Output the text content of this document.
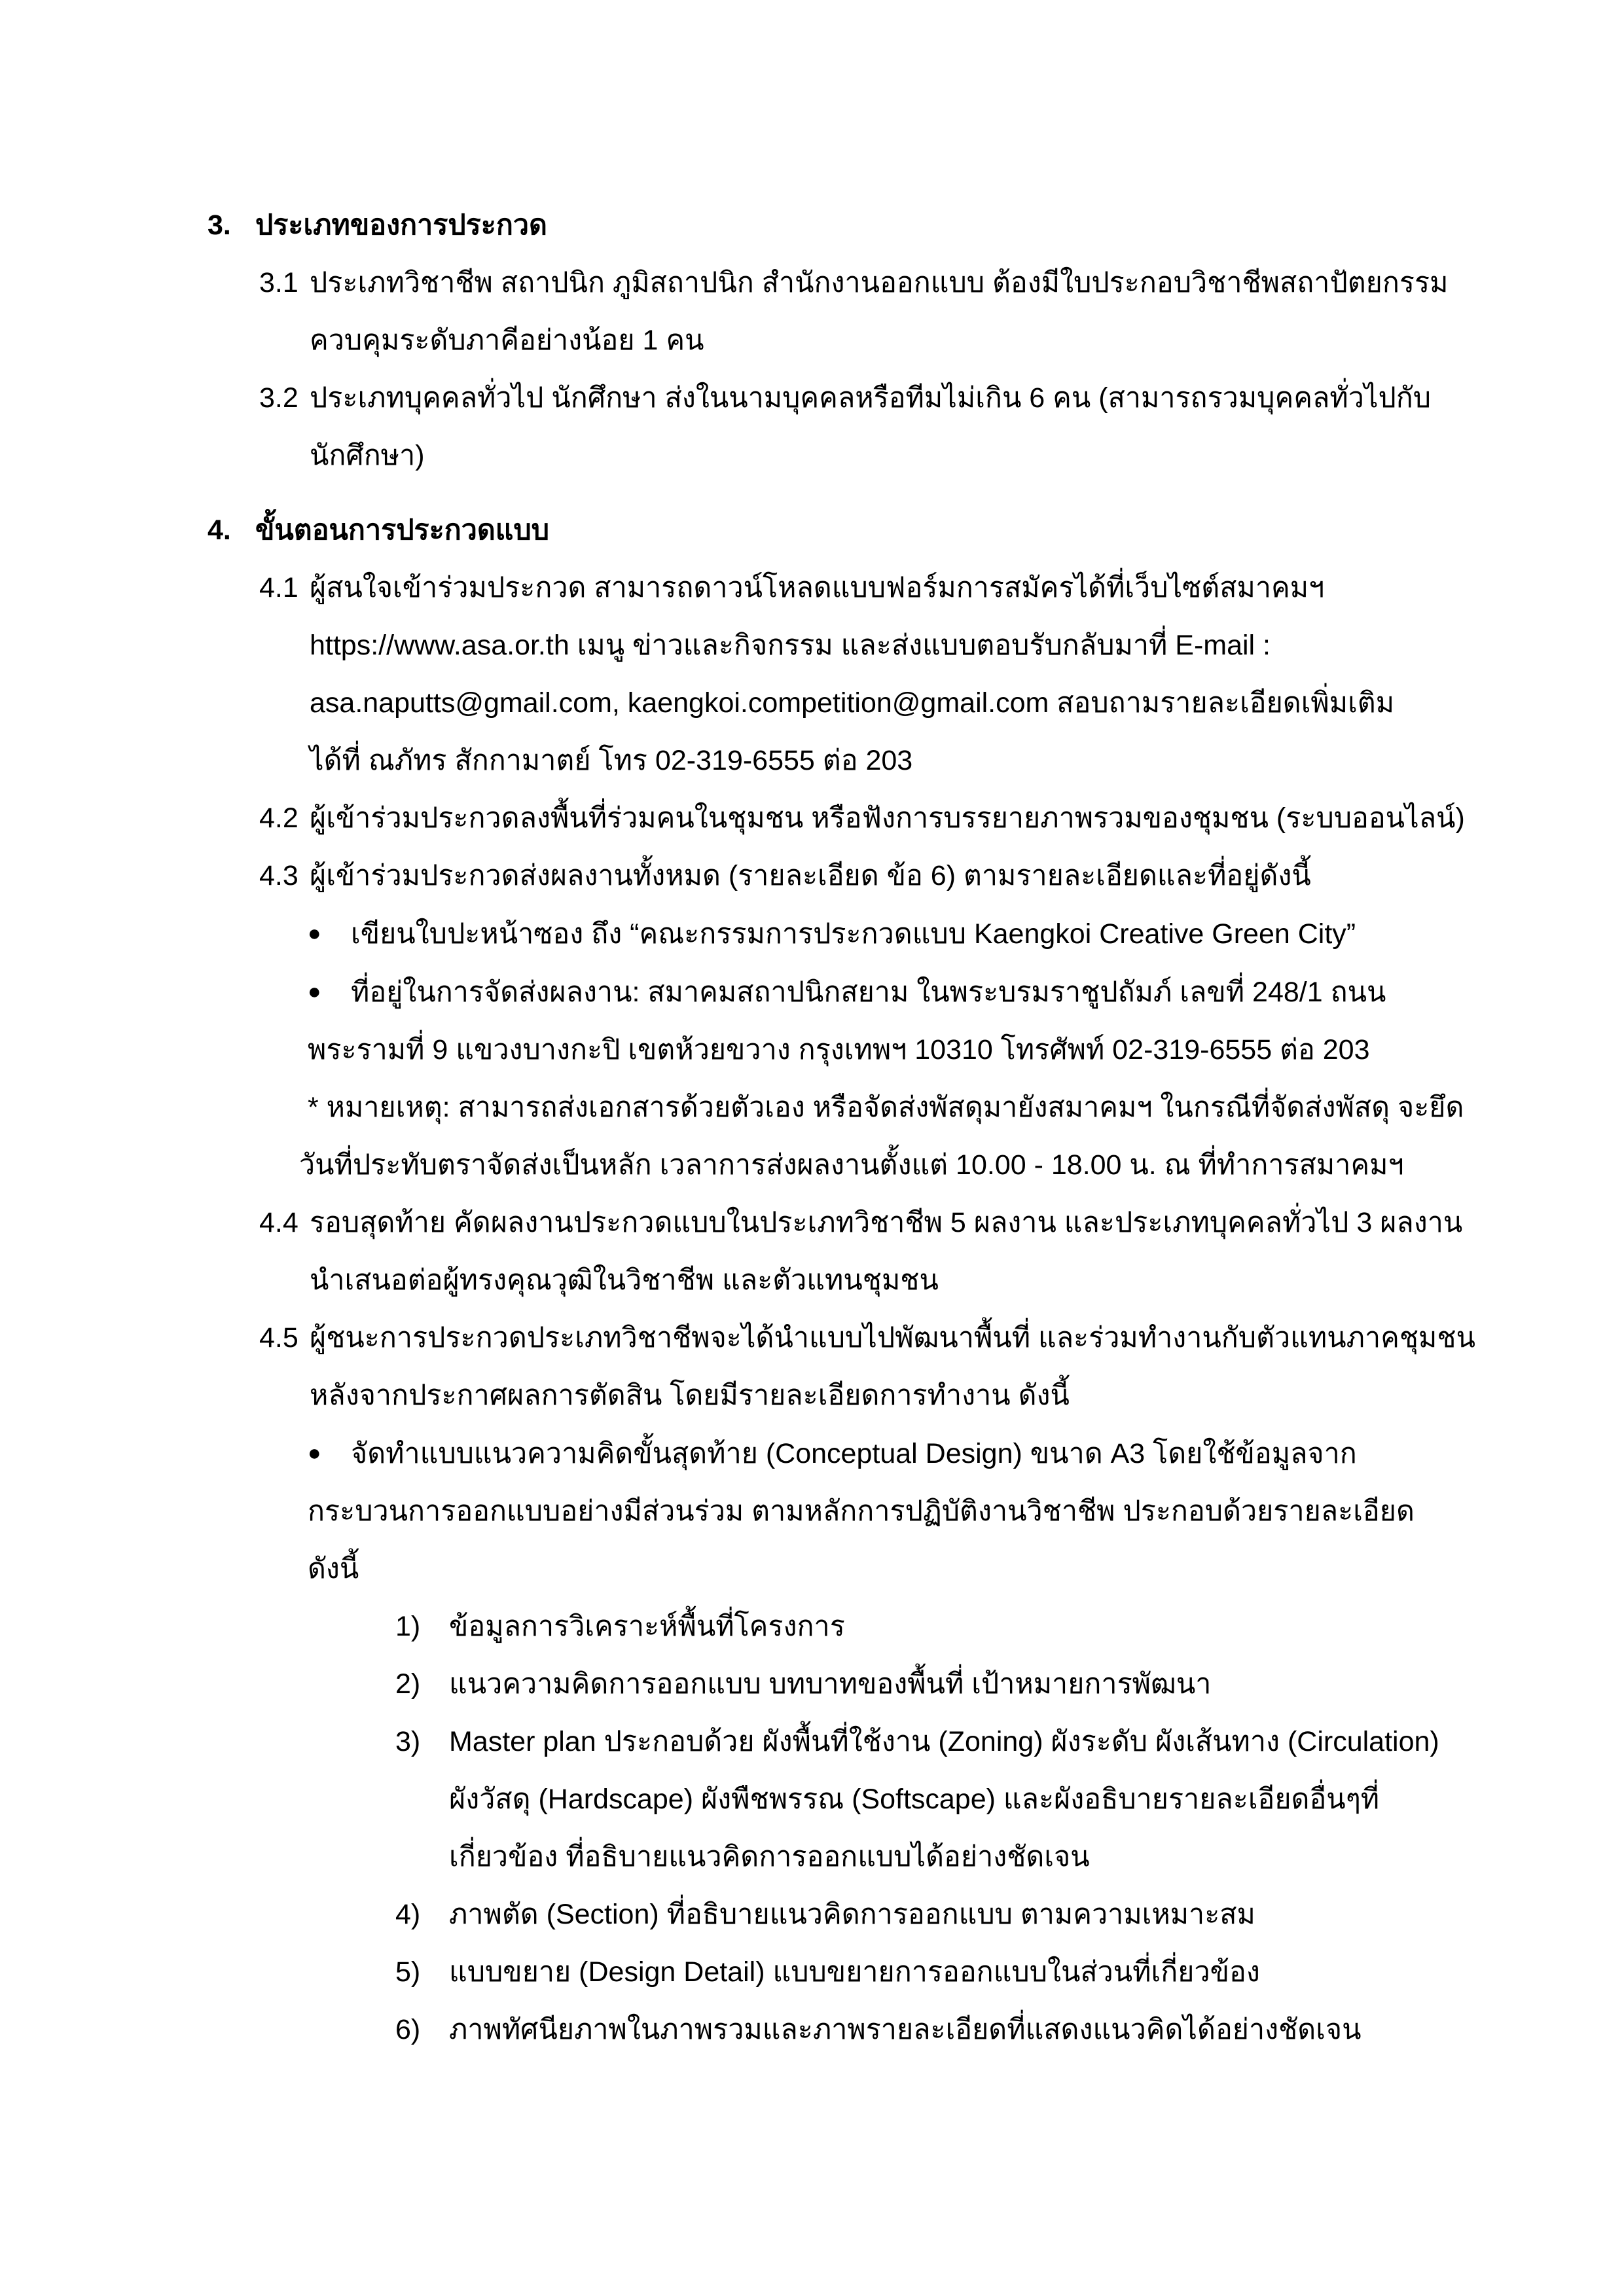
3. ประเภทของการประกวด
3.1 ประเภทวิชาชีพ สถาปนิก ภูมิสถาปนิก สำนักงานออกแบบ ต้องมีใบประกอบวิชาชีพสถาปัตยกรรม
ควบคุมระดับภาคีอย่างน้อย 1 คน
3.2 ประเภทบุคคลทั่วไป นักศึกษา ส่งในนามบุคคลหรือทีมไม่เกิน 6 คน (สามารถรวมบุคคลทั่วไปกับ
นักศึกษา)
4. ขั้นตอนการประกวดแบบ
4.1 ผู้สนใจเข้าร่วมประกวด สามารถดาวน์โหลดแบบฟอร์มการสมัครได้ที่เว็บไซต์สมาคมฯ
https://www.asa.or.th เมนู ข่าวและกิจกรรม และส่งแบบตอบรับกลับมาที่ E-mail :
asa.naputts@gmail.com, kaengkoi.competition@gmail.com สอบถามรายละเอียดเพิ่มเติม
ได้ที่ ณภัทร สักกามาตย์ โทร 02-319-6555 ต่อ 203
4.2 ผู้เข้าร่วมประกวดลงพื้นที่ร่วมคนในชุมชน หรือฟังการบรรยายภาพรวมของชุมชน (ระบบออนไลน์)
4.3 ผู้เข้าร่วมประกวดส่งผลงานทั้งหมด (รายละเอียด ข้อ 6) ตามรายละเอียดและที่อยู่ดังนี้
● เขียนใบปะหน้าซอง ถึง “คณะกรรมการประกวดแบบ Kaengkoi Creative Green City”
● ที่อยู่ในการจัดส่งผลงาน: สมาคมสถาปนิกสยาม ในพระบรมราชูปถัมภ์ เลขที่ 248/1 ถนน
พระรามที่ 9 แขวงบางกะปิ เขตห้วยขวาง กรุงเทพฯ 10310 โทรศัพท์ 02-319-6555 ต่อ 203
* หมายเหตุ: สามารถส่งเอกสารด้วยตัวเอง หรือจัดส่งพัสดุมายังสมาคมฯ ในกรณีที่จัดส่งพัสดุ จะยึด
วันที่ประทับตราจัดส่งเป็นหลัก เวลาการส่งผลงานตั้งแต่ 10.00 - 18.00 น. ณ ที่ทำการสมาคมฯ
4.4 รอบสุดท้าย คัดผลงานประกวดแบบในประเภทวิชาชีพ 5 ผลงาน และประเภทบุคคลทั่วไป 3 ผลงาน
นำเสนอต่อผู้ทรงคุณวุฒิในวิชาชีพ และตัวแทนชุมชน
4.5 ผู้ชนะการประกวดประเภทวิชาชีพจะได้นำแบบไปพัฒนาพื้นที่ และร่วมทำงานกับตัวแทนภาคชุมชน
หลังจากประกาศผลการตัดสิน โดยมีรายละเอียดการทำงาน ดังนี้
● จัดทำแบบแนวความคิดขั้นสุดท้าย (Conceptual Design) ขนาด A3 โดยใช้ข้อมูลจาก
กระบวนการออกแบบอย่างมีส่วนร่วม ตามหลักการปฏิบัติงานวิชาชีพ ประกอบด้วยรายละเอียด
ดังนี้
1) ข้อมูลการวิเคราะห์พื้นที่โครงการ
2) แนวความคิดการออกแบบ บทบาทของพื้นที่ เป้าหมายการพัฒนา
3) Master plan ประกอบด้วย ผังพื้นที่ใช้งาน (Zoning) ผังระดับ ผังเส้นทาง (Circulation)
ผังวัสดุ (Hardscape) ผังพืชพรรณ (Softscape) และผังอธิบายรายละเอียดอื่นๆที่
เกี่ยวข้อง ที่อธิบายแนวคิดการออกแบบได้อย่างชัดเจน
4) ภาพตัด (Section) ที่อธิบายแนวคิดการออกแบบ ตามความเหมาะสม
5) แบบขยาย (Design Detail) แบบขยายการออกแบบในส่วนที่เกี่ยวข้อง
6) ภาพทัศนียภาพในภาพรวมและภาพรายละเอียดที่แสดงแนวคิดได้อย่างชัดเจน
